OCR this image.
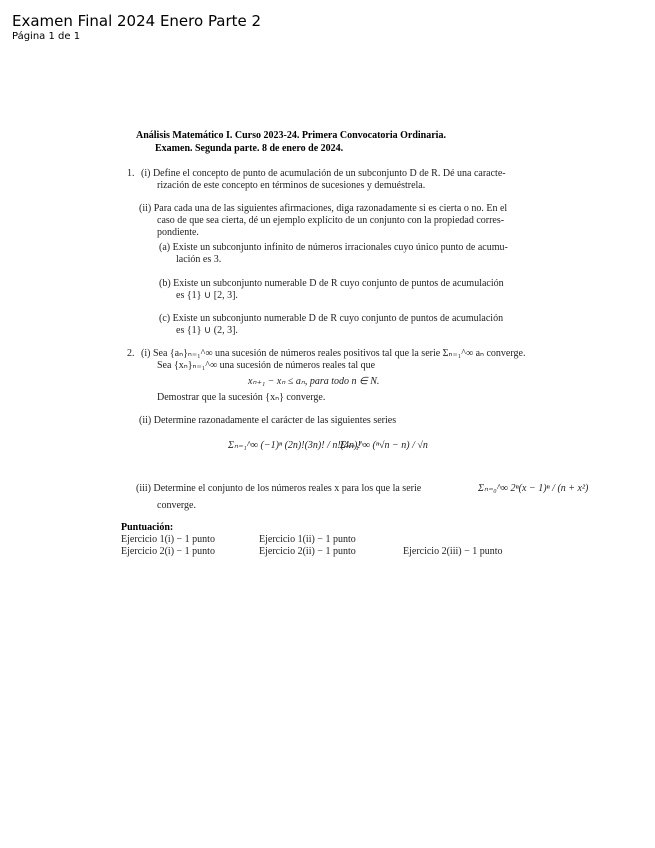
Examen Final 2024 Enero Parte 2
Página 1 de 1
Análisis Matemático I. Curso 2023-24. Primera Convocatoria Ordinaria.
Examen. Segunda parte. 8 de enero de 2024.
1. (i) Define el concepto de punto de acumulación de un subconjunto D de R. Dé una caracte-
rización de este concepto en términos de sucesiones y demuéstrela.
(ii) Para cada una de las siguientes afirmaciones, diga razonadamente si es cierta o no. En el
caso de que sea cierta, dé un ejemplo explícito de un conjunto con la propiedad corres-
pondiente.
(a) Existe un subconjunto infinito de números irracionales cuyo único punto de acumu-
lación es 3.
(b) Existe un subconjunto numerable D de R cuyo conjunto de puntos de acumulación
es {1} ∪ [2, 3].
(c) Existe un subconjunto numerable D de R cuyo conjunto de puntos de acumulación
es {1} ∪ (2, 3].
2. (i) Sea {aₙ}ₙ₌₁^∞ una sucesión de números reales positivos tal que la serie Σₙ₌₁^∞ aₙ converge.
Sea {xₙ}ₙ₌₁^∞ una sucesión de números reales tal que
xₙ₊₁ − xₙ ≤ aₙ, para todo n ∈ N.
Demostrar que la sucesión {xₙ} converge.
(ii) Determine razonadamente el carácter de las siguientes series
Σₙ₌₁^∞ (−1)ⁿ (2n)!(3n)! / n!(4n)!
Σₙ₌₁^∞ (ⁿ√n − n) / √n
(iii) Determine el conjunto de los números reales x para los que la serie	Σₙ₌₀^∞ 2ⁿ(x − 1)ⁿ / (n + x²)
converge.
Puntuación:
Ejercicio 1(i) − 1 punto	Ejercicio 1(ii) − 1 punto
Ejercicio 2(i) − 1 punto	Ejercicio 2(ii) − 1 punto	Ejercicio 2(iii) − 1 punto
